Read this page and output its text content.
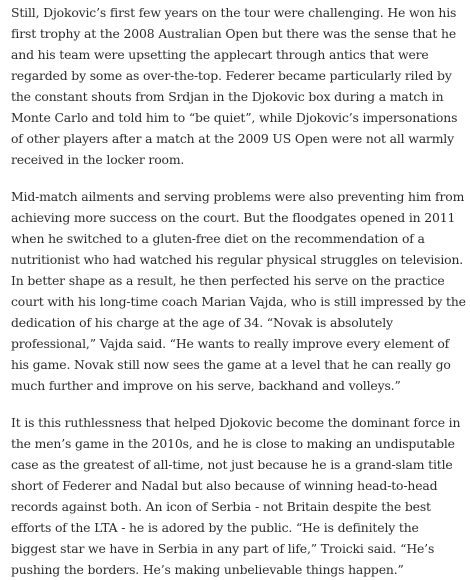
Still, Djokovic’s first few years on the tour were challenging. He won his first trophy at the 2008 Australian Open but there was the sense that he and his team were upsetting the applecart through antics that were regarded by some as over-the-top. Federer became particularly riled by the constant shouts from Srdjan in the Djokovic box during a match in Monte Carlo and told him to “be quiet”, while Djokovic’s impersonations of other players after a match at the 2009 US Open were not all warmly received in the locker room.

Mid-match ailments and serving problems were also preventing him from achieving more success on the court. But the floodgates opened in 2011 when he switched to a gluten-free diet on the recommendation of a nutritionist who had watched his regular physical struggles on television. In better shape as a result, he then perfected his serve on the practice court with his long-time coach Marian Vajda, who is still impressed by the dedication of his charge at the age of 34. “Novak is absolutely professional,” Vajda said. “He wants to really improve every element of his game. Novak still now sees the game at a level that he can really go much further and improve on his serve, backhand and volleys.”

It is this ruthlessness that helped Djokovic become the dominant force in the men’s game in the 2010s, and he is close to making an undisputable case as the greatest of all-time, not just because he is a grand-slam title short of Federer and Nadal but also because of winning head-to-head records against both. An icon of Serbia - not Britain despite the best efforts of the LTA - he is adored by the public. “He is definitely the biggest star we have in Serbia in any part of life,” Troicki said. “He’s pushing the borders. He’s making unbelievable things happen.”
